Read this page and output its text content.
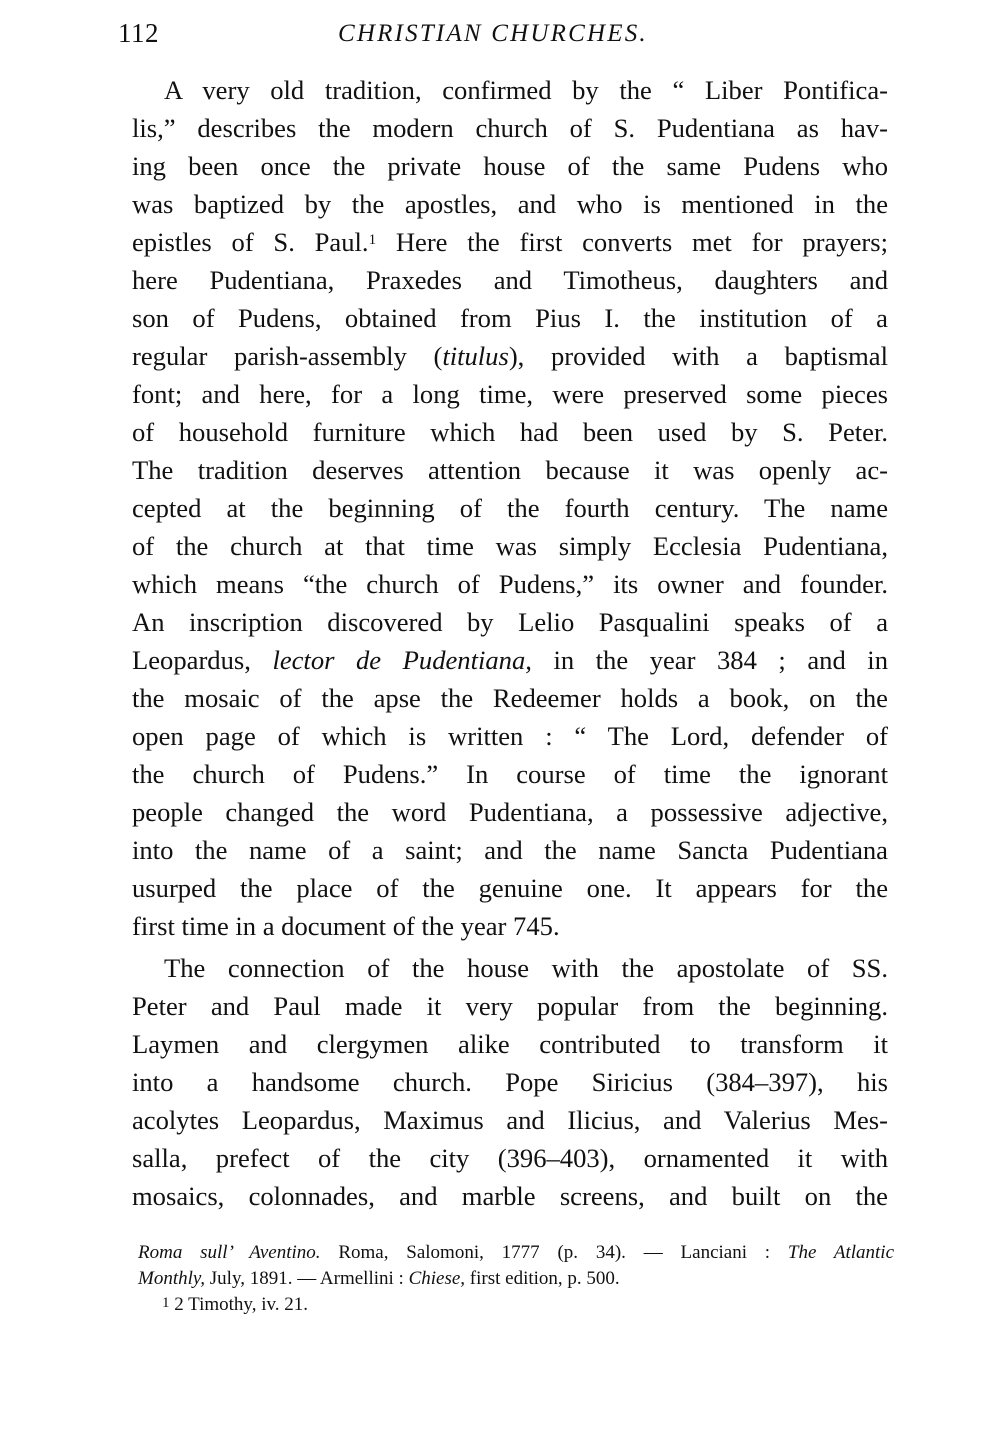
112	CHRISTIAN CHURCHES.
A very old tradition, confirmed by the “ Liber Pontifica-
lis,” describes the modern church of S. Pudentiana as hav-
ing been once the private house of the same Pudens who
was baptized by the apostles, and who is mentioned in the
epistles of S. Paul.$^1$ Here the first converts met for prayers;
here Pudentiana, Praxedes and Timotheus, daughters and
son of Pudens, obtained from Pius I. the institution of a
regular parish-assembly (titulus), provided with a baptismal
font; and here, for a long time, were preserved some pieces
of household furniture which had been used by S. Peter.
The tradition deserves attention because it was openly ac-
cepted at the beginning of the fourth century. The name
of the church at that time was simply Ecclesia Pudentiana,
which means “the church of Pudens,” its owner and founder.
An inscription discovered by Lelio Pasqualini speaks of a
Leopardus, lector de Pudentiana, in the year 384 ; and in
the mosaic of the apse the Redeemer holds a book, on the
open page of which is written : “ The Lord, defender of
the church of Pudens.” In course of time the ignorant
people changed the word Pudentiana, a possessive adjective,
into the name of a saint; and the name Sancta Pudentiana
usurped the place of the genuine one. It appears for the
first time in a document of the year 745.
The connection of the house with the apostolate of SS.
Peter and Paul made it very popular from the beginning.
Laymen and clergymen alike contributed to transform it
into a handsome church. Pope Siricius (384–397), his
acolytes Leopardus, Maximus and Ilicius, and Valerius Mes-
salla, prefect of the city (396–403), ornamented it with
mosaics, colonnades, and marble screens, and built on the
Roma sull’ Aventino. Roma, Salomoni, 1777 (p. 34). — Lanciani : The Atlantic
Monthly, July, 1891. — Armellini : Chiese, first edition, p. 500.
$^1$ 2 Timothy, iv. 21.
